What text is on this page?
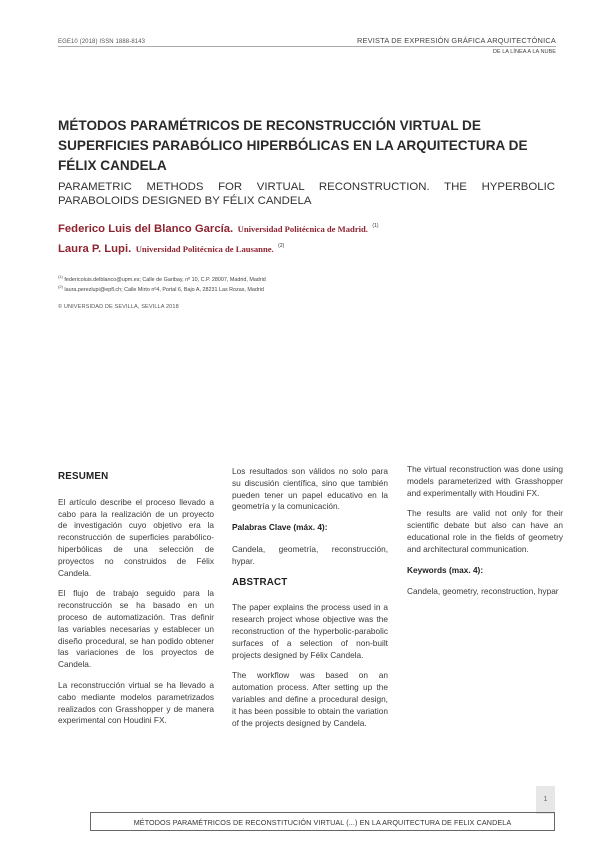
EGE10 (2018) ISSN 1888-8143	REVISTA DE EXPRESIÓN GRÁFICA ARQUITECTÓNICA
DE LA LÍNEA A LA NUBE
MÉTODOS PARAMÉTRICOS DE RECONSTRUCCIÓN VIRTUAL DE SUPERFICIES PARABÓLICO HIPERBÓLICAS EN LA ARQUITECTURA DE FÉLIX CANDELA
PARAMETRIC METHODS FOR VIRTUAL RECONSTRUCTION. THE HYPERBOLIC PARABOLOIDS DESIGNED BY FÉLIX CANDELA
Federico Luis del Blanco García. Universidad Politécnica de Madrid. $^{(1)}$
Laura P. Lupi. Universidad Politécnica de Lausanne. $^{(2)}$
$^{(1)}$ federicoluis.delblanco@upm.es; Calle de Garibay, nº 10, C.P. 28007, Madrid, Madrid
$^{(2)}$ laura.perezlupi@epfl.ch; Calle Mirto nº4, Portal 6, Bajo A, 28231 Las Rozas, Madrid
© UNIVERSIDAD DE SEVILLA, SEVILLA 2018
RESUMEN

El artículo describe el proceso llevado a cabo para la realización de un proyecto de investigación cuyo objetivo era la reconstrucción de superficies parabólico-hiperbólicas de una selección de proyectos no construidos de Félix Candela.

El flujo de trabajo seguido para la reconstrucción se ha basado en un proceso de automatización. Tras definir las variables necesarias y establecer un diseño procedural, se han podido obtener las variaciones de los proyectos de Candela.

La reconstrucción virtual se ha llevado a cabo mediante modelos parametrizados realizados con Grasshopper y de manera experimental con Houdini FX.

Los resultados son válidos no solo para su discusión científica, sino que también pueden tener un papel educativo en la geometría y la comunicación.

Palabras Clave (máx. 4):

Candela, geometría, reconstrucción, hypar.

ABSTRACT

The paper explains the process used in a research project whose objective was the reconstruction of the hyperbolic-parabolic surfaces of a selection of non-built projects designed by Félix Candela.

The workflow was based on an automation process. After setting up the variables and define a procedural design, it has been possible to obtain the variation of the projects designed by Candela.

The virtual reconstruction was done using models parameterized with Grasshopper and experimentally with Houdini FX.

The results are valid not only for their scientific debate but also can have an educational role in the fields of geometry and architectural communication.

Keywords (max. 4):

Candela, geometry, reconstruction, hypar

1
MÉTODOS PARAMÉTRICOS DE RECONSTITUCIÓN VIRTUAL (...) EN LA ARQUITECTURA DE FELIX CANDELA
